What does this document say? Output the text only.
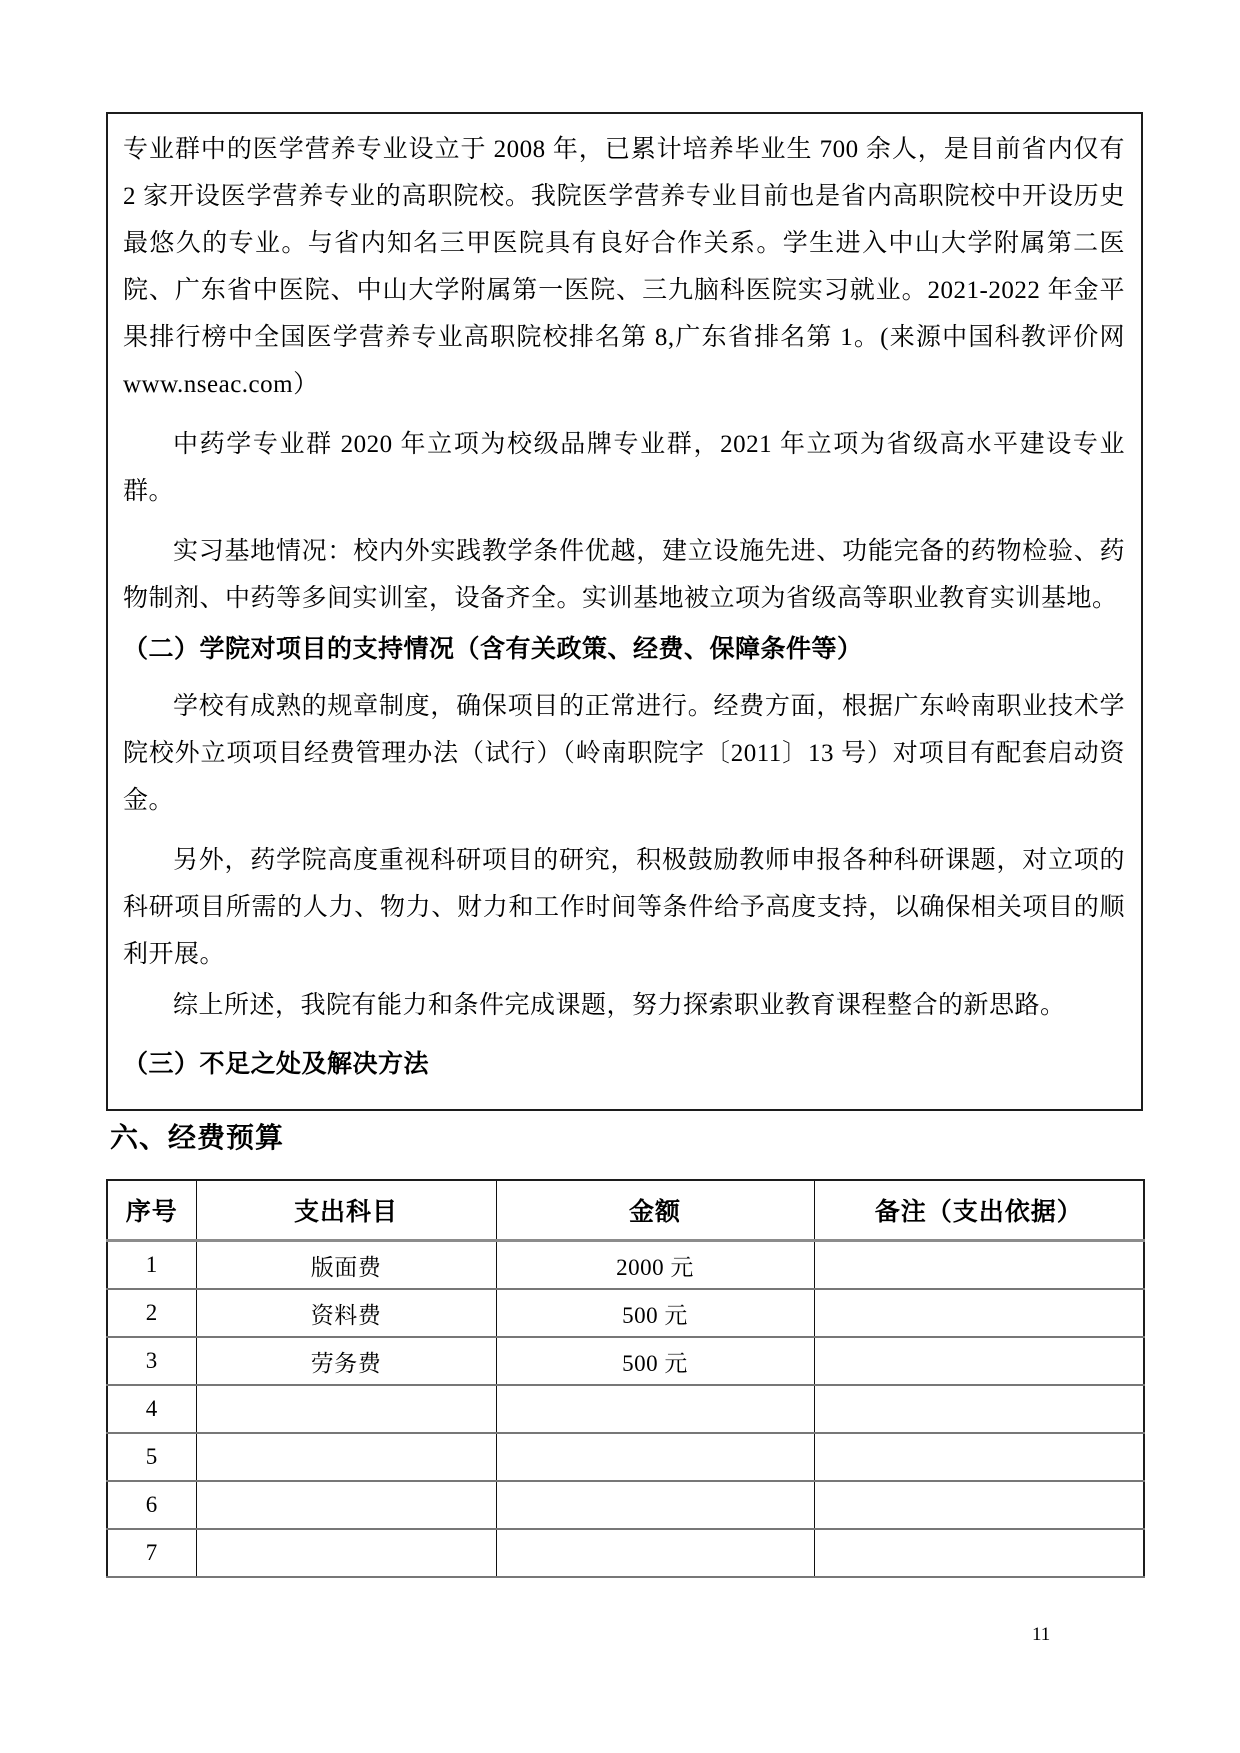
专业群中的医学营养专业设立于 2008 年，已累计培养毕业生 700 余人，是目前省内仅有 2 家开设医学营养专业的高职院校。我院医学营养专业目前也是省内高职院校中开设历史最悠久的专业。与省内知名三甲医院具有良好合作关系。学生进入中山大学附属第二医院、广东省中医院、中山大学附属第一医院、三九脑科医院实习就业。2021-2022 年金平果排行榜中全国医学营养专业高职院校排名第 8,广东省排名第 1。(来源中国科教评价网 www.nseac.com）

中药学专业群 2020 年立项为校级品牌专业群，2021 年立项为省级高水平建设专业群。

实习基地情况：校内外实践教学条件优越，建立设施先进、功能完备的药物检验、药物制剂、中药等多间实训室，设备齐全。实训基地被立项为省级高等职业教育实训基地。

（二）学院对项目的支持情况（含有关政策、经费、保障条件等）

学校有成熟的规章制度，确保项目的正常进行。经费方面，根据广东岭南职业技术学院校外立项项目经费管理办法（试行）（岭南职院字〔2011〕13 号）对项目有配套启动资金。

另外，药学院高度重视科研项目的研究，积极鼓励教师申报各种科研课题，对立项的科研项目所需的人力、物力、财力和工作时间等条件给予高度支持，以确保相关项目的顺利开展。

综上所述，我院有能力和条件完成课题，努力探索职业教育课程整合的新思路。

（三）不足之处及解决方法

六、经费预算
序号	支出科目	金额	备注（支出依据）
1	版面费	2000 元	
2	资料费	500 元	
3	劳务费	500 元	
4			
5			
6			
7			
11
